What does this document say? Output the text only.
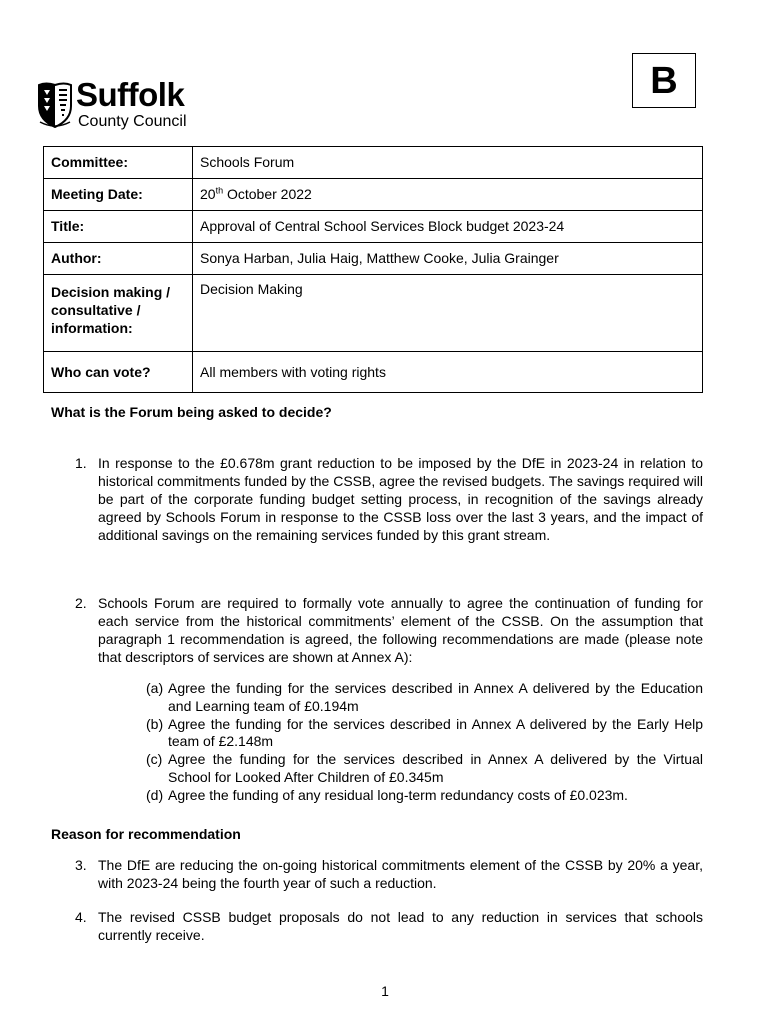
Suffolk
County Council
B
Committee:	Schools Forum
Meeting Date:	20th October 2022
Title:	Approval of Central School Services Block budget 2023-24
Author:	Sonya Harban, Julia Haig, Matthew Cooke, Julia Grainger
Decision making /
consultative /
information:	Decision Making
Who can vote?	All members with voting rights
What is the Forum being asked to decide?
1. In response to the £0.678m grant reduction to be imposed by the DfE in 2023-24 in relation to historical commitments funded by the CSSB, agree the revised budgets. The savings required will be part of the corporate funding budget setting process, in recognition of the savings already agreed by Schools Forum in response to the CSSB loss over the last 3 years, and the impact of additional savings on the remaining services funded by this grant stream.
2. Schools Forum are required to formally vote annually to agree the continuation of funding for each service from the historical commitments’ element of the CSSB. On the assumption that paragraph 1 recommendation is agreed, the following recommendations are made (please note that descriptors of services are shown at Annex A):
(a) Agree the funding for the services described in Annex A delivered by the Education and Learning team of £0.194m
(b) Agree the funding for the services described in Annex A delivered by the Early Help team of £2.148m
(c) Agree the funding for the services described in Annex A delivered by the Virtual School for Looked After Children of £0.345m
(d) Agree the funding of any residual long-term redundancy costs of £0.023m.
Reason for recommendation
3. The DfE are reducing the on-going historical commitments element of the CSSB by 20% a year, with 2023-24 being the fourth year of such a reduction.
4. The revised CSSB budget proposals do not lead to any reduction in services that schools currently receive.
1
